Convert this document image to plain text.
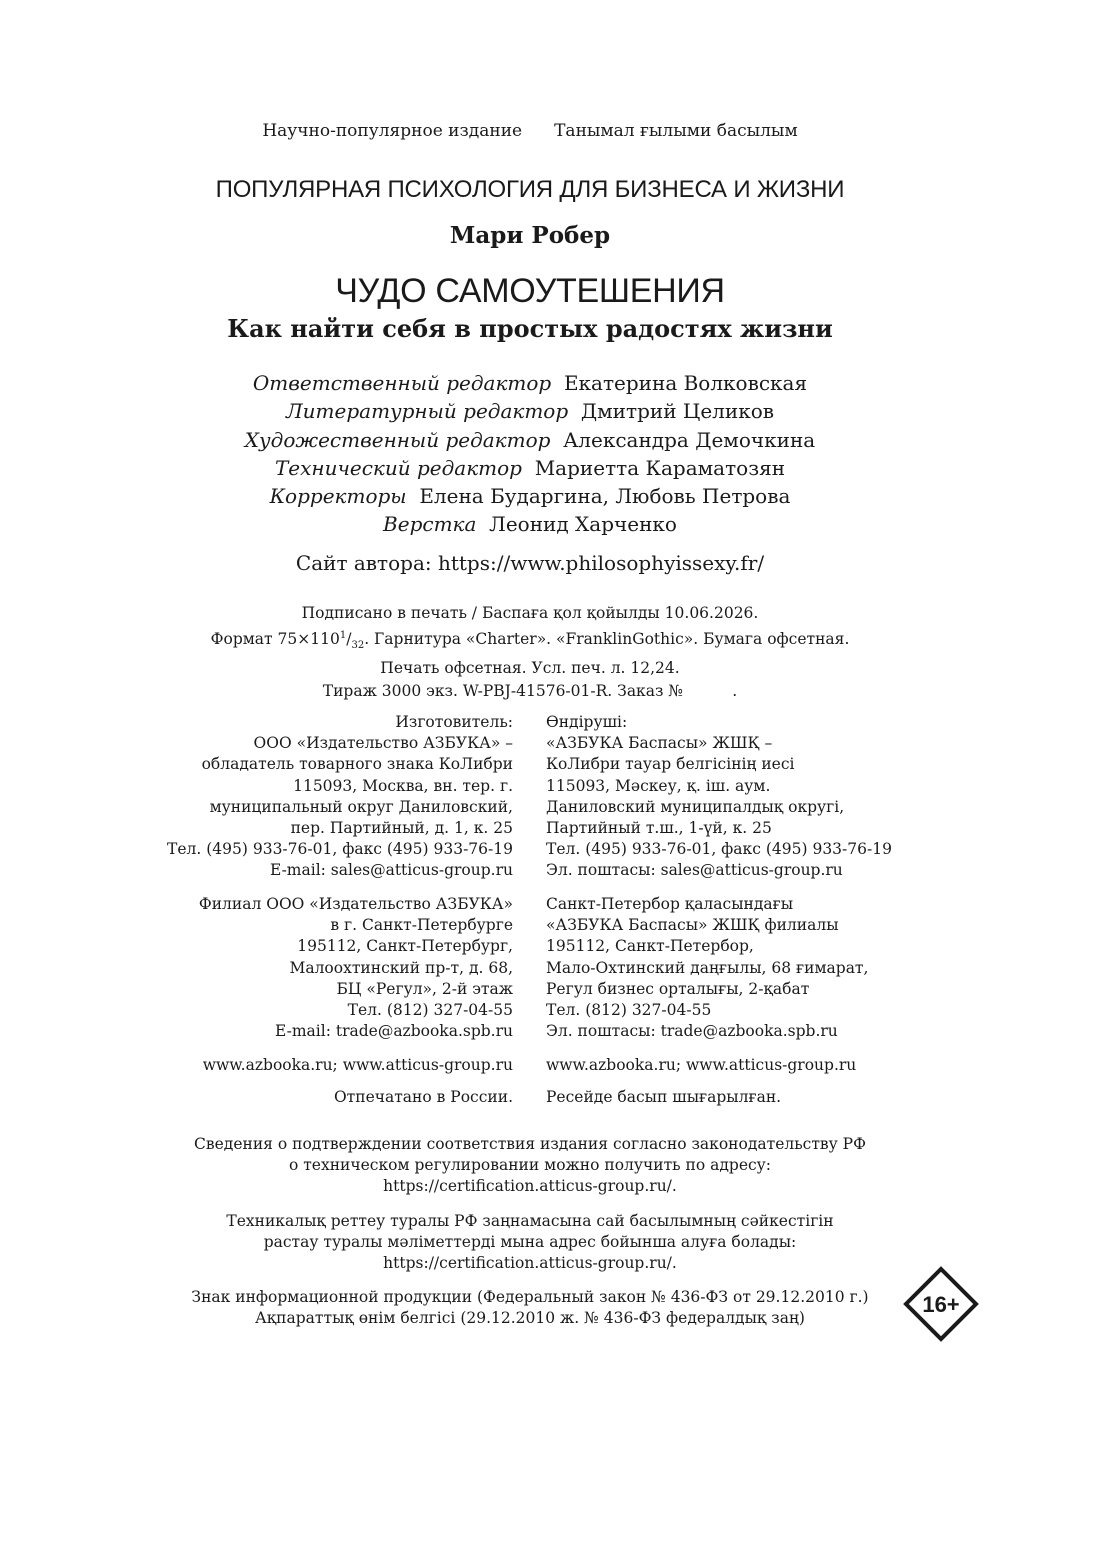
Научно-популярное издание Танымал ғылыми басылым
ПОПУЛЯРНАЯ ПСИХОЛОГИЯ ДЛЯ БИЗНЕСА И ЖИЗНИ
Мари Робер
ЧУДО САМОУТЕШЕНИЯ
Как найти себя в простых радостях жизни
Ответственный редактор Екатерина Волковская
Литературный редактор Дмитрий Целиков
Художественный редактор Александра Демочкина
Технический редактор Мариетта Караматозян
Корректоры Елена Бударгина, Любовь Петрова
Верстка Леонид Харченко
Сайт автора: https://www.philosophyissexy.fr/
Подписано в печать / Баспаға қол қойылды 10.06.2026.
Формат $75\times 110^1/_{32}$. Гарнитура «Charter». «FranklinGothic». Бумага офсетная.
Печать офсетная. Усл. печ. л. 12,24.
Тираж 3000 экз. W-PBJ-41576-01-R. Заказ №          .
Изготовитель:
ООО «Издательство АЗБУКА» –
обладатель товарного знака КоЛибри
115093, Москва, вн. тер. г.
муниципальный округ Даниловский,
пер. Партийный, д. 1, к. 25
Тел. (495) 933-76-01, факс (495) 933-76-19
E-mail: sales@atticus-group.ru
Өндіруші:
«АЗБУКА Баспасы» ЖШҚ –
КоЛибри тауар белгісінің иесі
115093, Мәскеу, қ. іш. аум.
Даниловский муниципалдық округі,
Партийный т.ш., 1-үй, к. 25
Тел. (495) 933-76-01, факс (495) 933-76-19
Эл. поштасы: sales@atticus-group.ru
Филиал ООО «Издательство АЗБУКА»
в г. Санкт-Петербурге
195112, Санкт-Петербург,
Малоохтинский пр-т, д. 68,
БЦ «Регул», 2-й этаж
Тел. (812) 327-04-55
E-mail: trade@azbooka.spb.ru
Санкт-Петербор қаласындағы
«АЗБУКА Баспасы» ЖШҚ филиалы
195112, Санкт-Петербор,
Мало-Охтинский даңғылы, 68 ғимарат,
Регул бизнес орталығы, 2-қабат
Тел. (812) 327-04-55
Эл. поштасы: trade@azbooka.spb.ru
www.azbooka.ru; www.atticus-group.ru www.azbooka.ru; www.atticus-group.ru
Отпечатано в России. Ресейде басып шығарылған.
Сведения о подтверждении соответствия издания согласно законодательству РФ
о техническом регулировании можно получить по адресу:
https://certification.atticus-group.ru/.
Техникалық реттеу туралы РФ заңнамасына сай басылымның сәйкестігін
растау туралы мәліметтерді мына адрес бойынша алуға болады:
https://certification.atticus-group.ru/.
Знак информационной продукции (Федеральный закон № 436-ФЗ от 29.12.2010 г.)
Ақпараттық өнім белгісі (29.12.2010 ж. № 436-ФЗ федералдық заң)
16+
